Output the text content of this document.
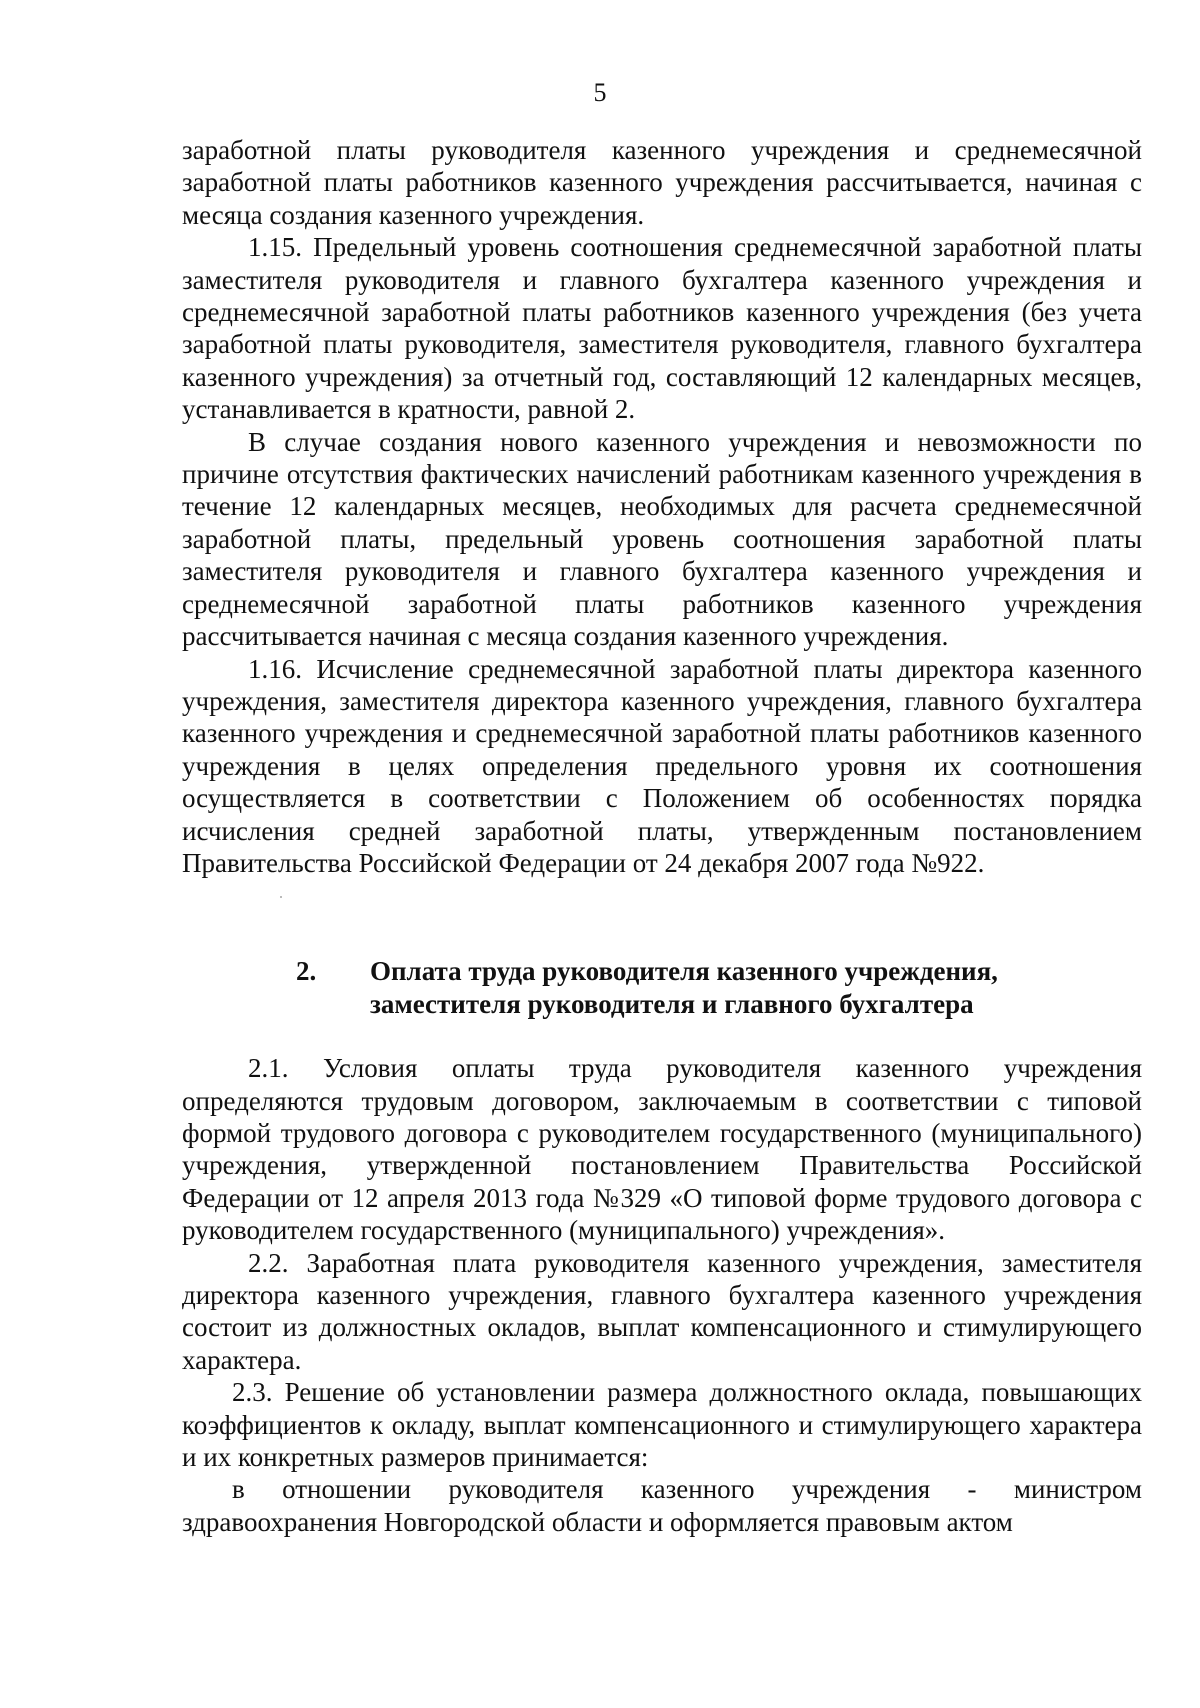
5

заработной платы руководителя казенного учреждения и среднемесячной заработной платы работников казенного учреждения рассчитывается, начиная с месяца создания казенного учреждения.

1.15. Предельный уровень соотношения среднемесячной заработной платы заместителя руководителя и главного бухгалтера казенного учреждения и среднемесячной заработной платы работников казенного учреждения (без учета заработной платы руководителя, заместителя руководителя, главного бухгалтера казенного учреждения) за отчетный год, составляющий 12 календарных месяцев, устанавливается в кратности, равной 2.

В случае создания нового казенного учреждения и невозможности по причине отсутствия фактических начислений работникам казенного учреждения в течение 12 календарных месяцев, необходимых для расчета среднемесячной заработной платы, предельный уровень соотношения заработной платы заместителя руководителя и главного бухгалтера казенного учреждения и среднемесячной заработной платы работников казенного учреждения рассчитывается начиная с месяца создания казенного учреждения.

1.16. Исчисление среднемесячной заработной платы директора казенного учреждения, заместителя директора казенного учреждения, главного бухгалтера казенного учреждения и среднемесячной заработной платы работников казенного учреждения в целях определения предельного уровня их соотношения осуществляется в соответствии с Положением об особенностях порядка исчисления средней заработной платы, утвержденным постановлением Правительства Российской Федерации от 24 декабря 2007 года №922.

2. Оплата труда руководителя казенного учреждения,
заместителя руководителя и главного бухгалтера

2.1. Условия оплаты труда руководителя казенного учреждения определяются трудовым договором, заключаемым в соответствии с типовой формой трудового договора с руководителем государственного (муниципального) учреждения, утвержденной постановлением Правительства Российской Федерации от 12 апреля 2013 года №329 «О типовой форме трудового договора с руководителем государственного (муниципального) учреждения».

2.2. Заработная плата руководителя казенного учреждения, заместителя директора казенного учреждения, главного бухгалтера казенного учреждения состоит из должностных окладов, выплат компенсационного и стимулирующего характера.

2.3. Решение об установлении размера должностного оклада, повышающих коэффициентов к окладу, выплат компенсационного и стимулирующего характера и их конкретных размеров принимается:

в отношении руководителя казенного учреждения - министром здравоохранения Новгородской области и оформляется правовым актом
